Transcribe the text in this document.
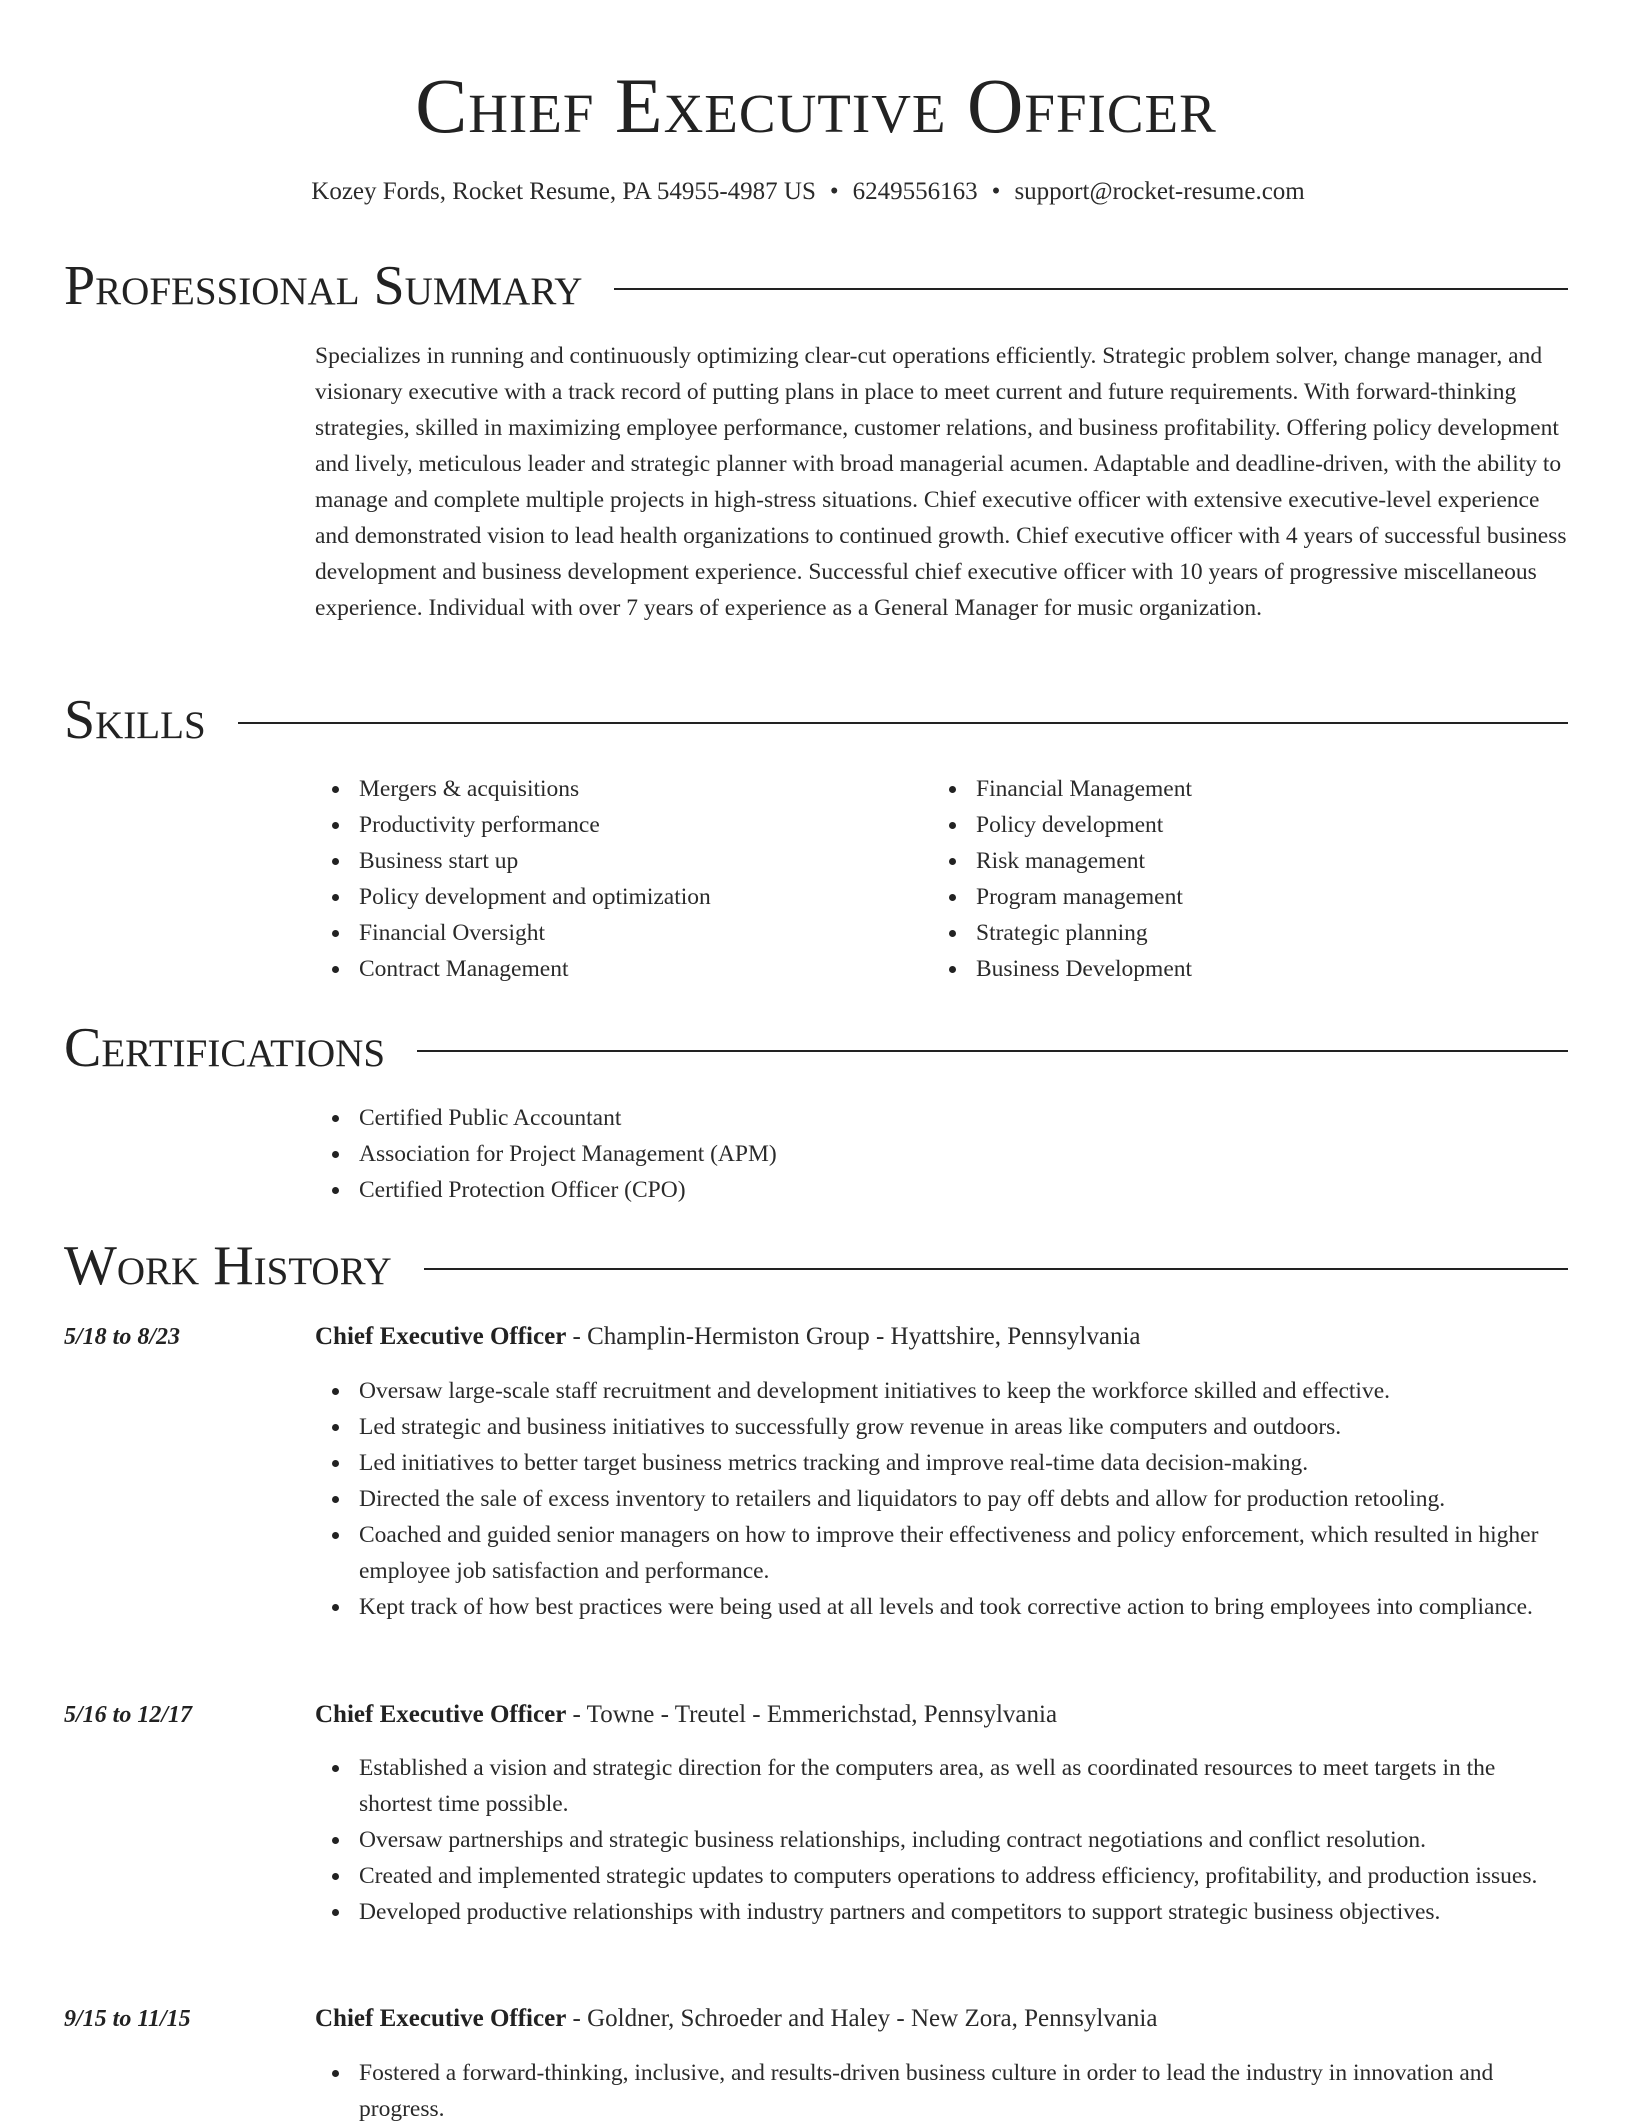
Chief Executive Officer
Kozey Fords, Rocket Resume, PA 54955-4987 US • 6249556163 • support@rocket-resume.com
Professional Summary

Specializes in running and continuously optimizing clear-cut operations efficiently. Strategic problem solver, change manager, and visionary executive with a track record of putting plans in place to meet current and future requirements. With forward-thinking strategies, skilled in maximizing employee performance, customer relations, and business profitability. Offering policy development and lively, meticulous leader and strategic planner with broad managerial acumen. Adaptable and deadline-driven, with the ability to manage and complete multiple projects in high-stress situations. Chief executive officer with extensive executive-level experience and demonstrated vision to lead health organizations to continued growth. Chief executive officer with 4 years of successful business development and business development experience. Successful chief executive officer with 10 years of progressive miscellaneous experience. Individual with over 7 years of experience as a General Manager for music organization.

Skills
Mergers & acquisitions
Productivity performance
Business start up
Policy development and optimization
Financial Oversight
Contract Management
Financial Management
Policy development
Risk management
Program management
Strategic planning
Business Development
Certifications
Certified Public Accountant
Association for Project Management (APM)
Certified Protection Officer (CPO)
Work History
5/18 to 8/23	Chief Executive Officer - Champlin-Hermiston Group - Hyattshire, Pennsylvania
Oversaw large-scale staff recruitment and development initiatives to keep the workforce skilled and effective.
Led strategic and business initiatives to successfully grow revenue in areas like computers and outdoors.
Led initiatives to better target business metrics tracking and improve real-time data decision-making.
Directed the sale of excess inventory to retailers and liquidators to pay off debts and allow for production retooling.
Coached and guided senior managers on how to improve their effectiveness and policy enforcement, which resulted in higher employee job satisfaction and performance.
Kept track of how best practices were being used at all levels and took corrective action to bring employees into compliance.
5/16 to 12/17	Chief Executive Officer - Towne - Treutel - Emmerichstad, Pennsylvania
Established a vision and strategic direction for the computers area, as well as coordinated resources to meet targets in the shortest time possible.
Oversaw partnerships and strategic business relationships, including contract negotiations and conflict resolution.
Created and implemented strategic updates to computers operations to address efficiency, profitability, and production issues.
Developed productive relationships with industry partners and competitors to support strategic business objectives.
9/15 to 11/15	Chief Executive Officer - Goldner, Schroeder and Haley - New Zora, Pennsylvania
Fostered a forward-thinking, inclusive, and results-driven business culture in order to lead the industry in innovation and progress.
